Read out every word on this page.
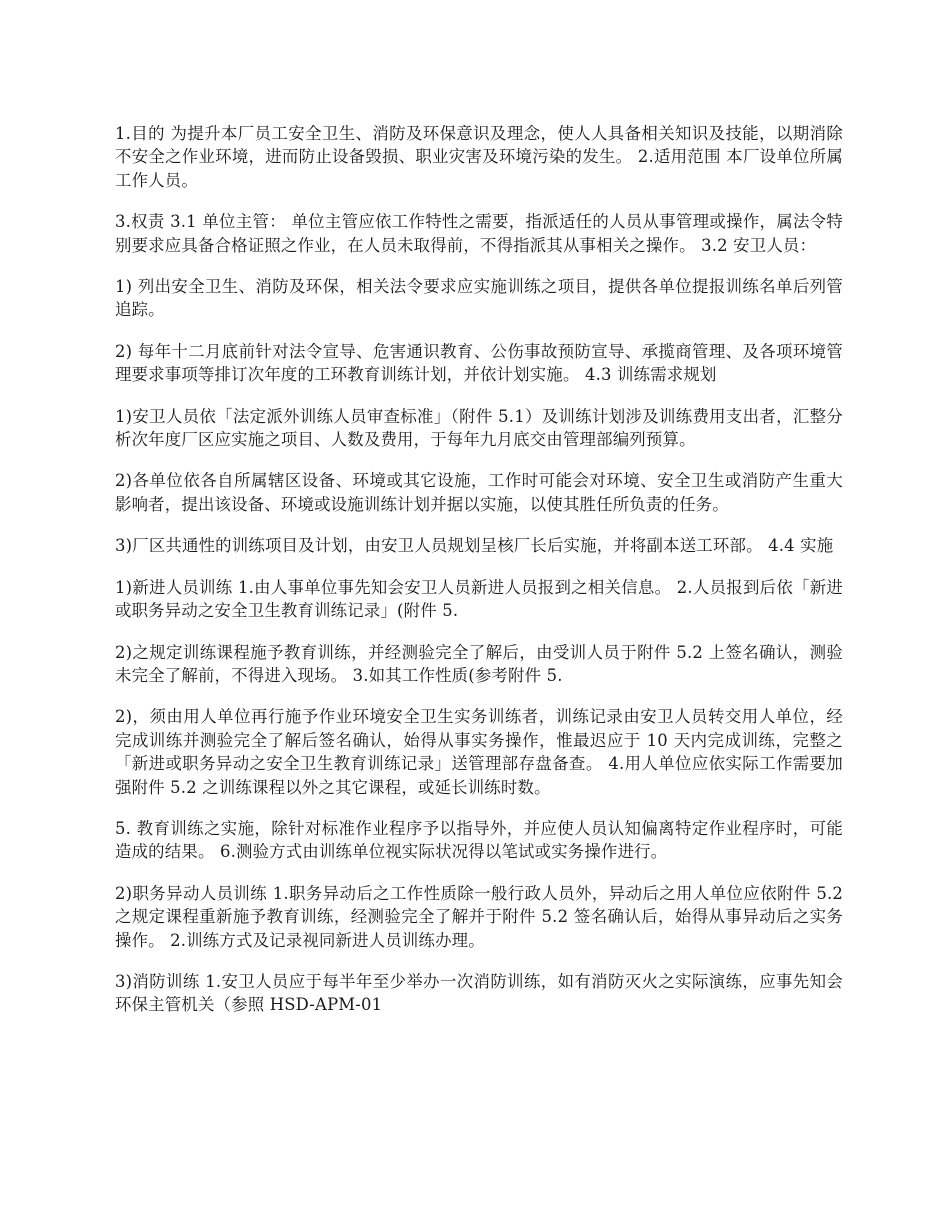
1.目的 为提升本厂员工安全卫生、消防及环保意识及理念，使人人具备相关知识及技能，以期消除不安全之作业环境，进而防止设备毁损、职业灾害及环境污染的发生。 2.适用范围 本厂设单位所属工作人员。

3.权责 3.1 单位主管： 单位主管应依工作特性之需要，指派适任的人员从事管理或操作，属法令特别要求应具备合格证照之作业，在人员未取得前，不得指派其从事相关之操作。 3.2 安卫人员：

1) 列出安全卫生、消防及环保，相关法令要求应实施训练之项目，提供各单位提报训练名单后列管追踪。

2) 每年十二月底前针对法令宣导、危害通识教育、公伤事故预防宣导、承揽商管理、及各项环境管理要求事项等排订次年度的工环教育训练计划，并依计划实施。 4.3 训练需求规划

1)安卫人员依「法定派外训练人员审查标准」（附件 5.1）及训练计划涉及训练费用支出者，汇整分析次年度厂区应实施之项目、人数及费用，于每年九月底交由管理部编列预算。

2)各单位依各自所属辖区设备、环境或其它设施，工作时可能会对环境、安全卫生或消防产生重大影响者，提出该设备、环境或设施训练计划并据以实施，以使其胜任所负责的任务。

3)厂区共通性的训练项目及计划，由安卫人员规划呈核厂长后实施，并将副本送工环部。 4.4 实施

1)新进人员训练 1.由人事单位事先知会安卫人员新进人员报到之相关信息。 2.人员报到后依「新进或职务异动之安全卫生教育训练记录」(附件 5.

2)之规定训练课程施予教育训练，并经测验完全了解后，由受训人员于附件 5.2 上签名确认，测验未完全了解前，不得进入现场。 3.如其工作性质(参考附件 5.

2)，须由用人单位再行施予作业环境安全卫生实务训练者，训练记录由安卫人员转交用人单位，经完成训练并测验完全了解后签名确认，始得从事实务操作，惟最迟应于 10 天内完成训练，完整之「新进或职务异动之安全卫生教育训练记录」送管理部存盘备查。 4.用人单位应依实际工作需要加强附件 5.2 之训练课程以外之其它课程，或延长训练时数。

5. 教育训练之实施，除针对标准作业程序予以指导外，并应使人员认知偏离特定作业程序时，可能造成的结果。 6.测验方式由训练单位视实际状况得以笔试或实务操作进行。

2)职务异动人员训练 1.职务异动后之工作性质除一般行政人员外，异动后之用人单位应依附件 5.2 之规定课程重新施予教育训练，经测验完全了解并于附件 5.2 签名确认后，始得从事异动后之实务操作。 2.训练方式及记录视同新进人员训练办理。

3)消防训练 1.安卫人员应于每半年至少举办一次消防训练，如有消防灭火之实际演练，应事先知会环保主管机关（参照 HSD-APM-01
